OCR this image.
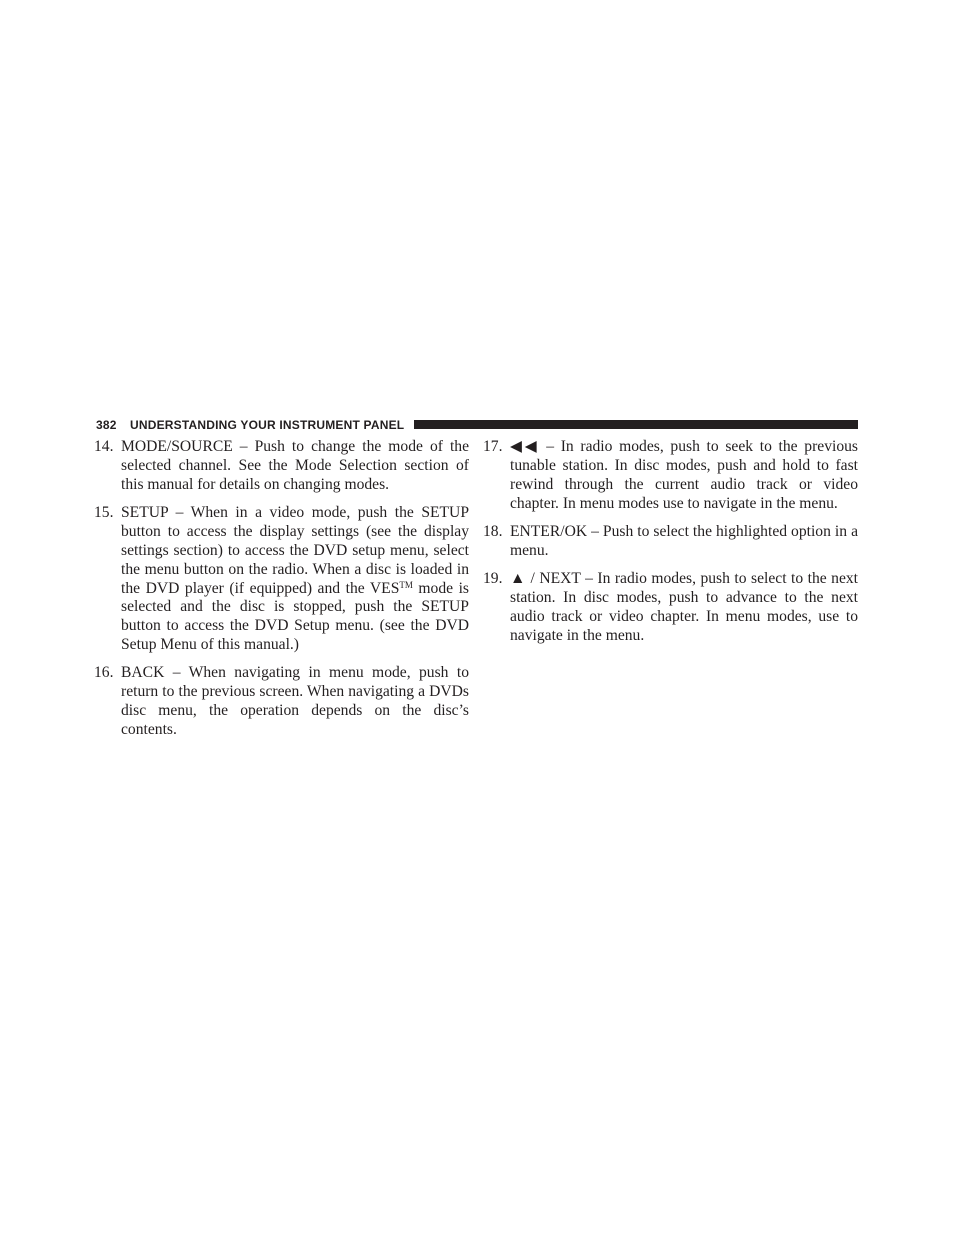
382 UNDERSTANDING YOUR INSTRUMENT PANEL
14. MODE/SOURCE – Push to change the mode of the selected channel. See the Mode Selection section of this manual for details on changing modes.
15. SETUP – When in a video mode, push the SETUP button to access the display settings (see the display settings section) to access the DVD setup menu, select the menu button on the radio. When a disc is loaded in the DVD player (if equipped) and the VES™ mode is selected and the disc is stopped, push the SETUP button to access the DVD Setup menu. (see the DVD Setup Menu of this manual.)
16. BACK – When navigating in menu mode, push to return to the previous screen. When navigating a DVDs disc menu, the operation depends on the disc’s contents.
17. ◀◀ – In radio modes, push to seek to the previous tunable station. In disc modes, push and hold to fast rewind through the current audio track or video chapter. In menu modes use to navigate in the menu.
18. ENTER/OK – Push to select the highlighted option in a menu.
19. ▲ / NEXT – In radio modes, push to select to the next station. In disc modes, push to advance to the next audio track or video chapter. In menu modes, use to navigate in the menu.
